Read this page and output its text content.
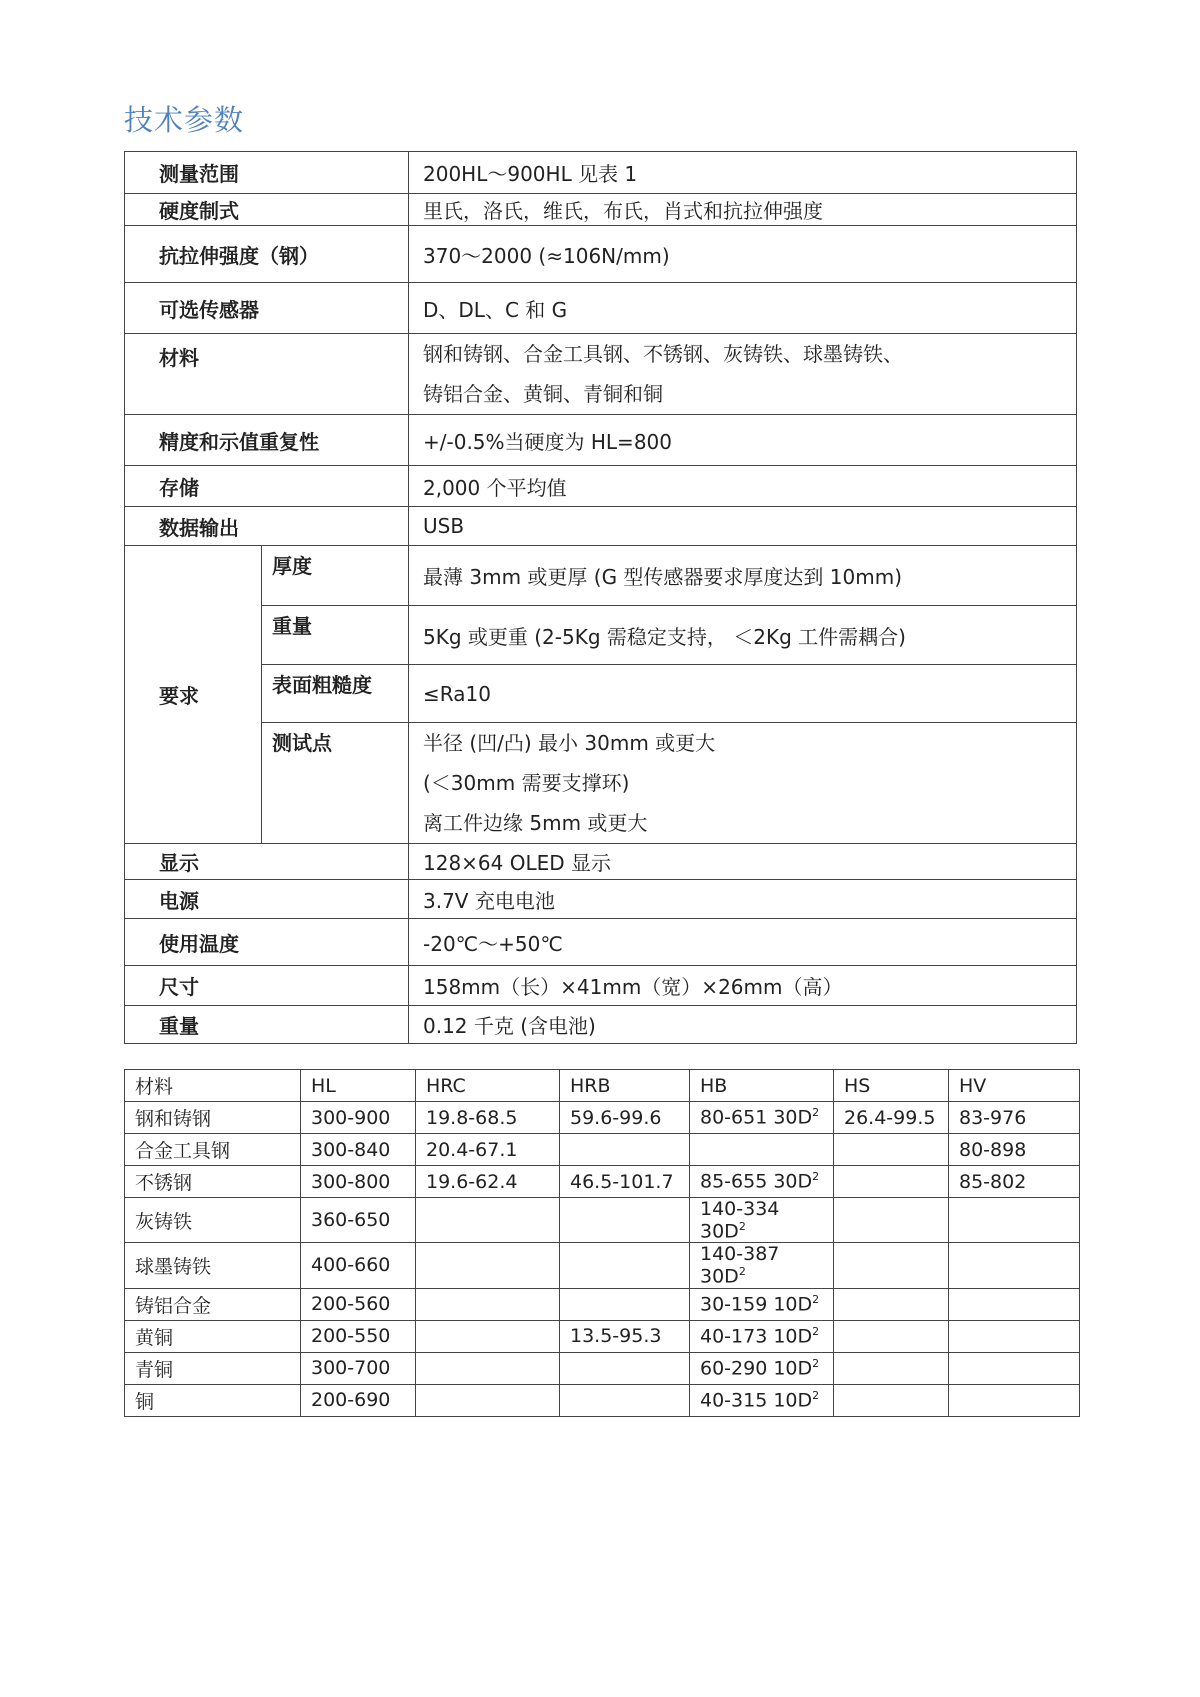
技术参数
测量范围		200HL～900HL 见表 1
硬度制式		里氏，洛氏，维氏，布氏，肖式和抗拉伸强度
抗拉伸强度（钢）		370～2000 (≈106N/mm)
可选传感器		D、DL、C 和 G
材料		钢和铸钢、合金工具钢、不锈钢、灰铸铁、球墨铸铁、
铸铝合金、黄铜、青铜和铜

精度和示值重复性		+/-0.5%当硬度为 HL=800
存储		2,000 个平均值
数据输出		USB
要求	厚度	最薄 3mm 或更厚 (G 型传感器要求厚度达到 10mm)
	重量	5Kg 或更重 (2-5Kg 需稳定支持， ＜2Kg 工件需耦合)
	表面粗糙度	≤Ra10
	测试点	半径 (凹/凸) 最小 30mm 或更大
(＜30mm 需要支撑环)
离工件边缘 5mm 或更大

显示		128×64 OLED 显示
电源		3.7V 充电电池
使用温度		-20℃～+50℃
尺寸		158mm（长）×41mm（宽）×26mm（高）
重量		0.12 千克 (含电池)
材料	HL	HRC	HRB	HB	HS	HV
钢和铸钢	300-900	19.8-68.5	59.6-99.6	80-651 $30D^2$	26.4-99.5	83-976
合金工具钢	300-840	20.4-67.1				80-898
不锈钢	300-800	19.6-62.4	46.5-101.7	85-655 $30D^2$		85-802
灰铸铁	360-650			140-334 $30D^2$		
球墨铸铁	400-660			140-387 $30D^2$		
铸铝合金	200-560			30-159 $10D^2$		
黄铜	200-550		13.5-95.3	40-173 $10D^2$		
青铜	300-700			60-290 $10D^2$		
铜	200-690			40-315 $10D^2$		
